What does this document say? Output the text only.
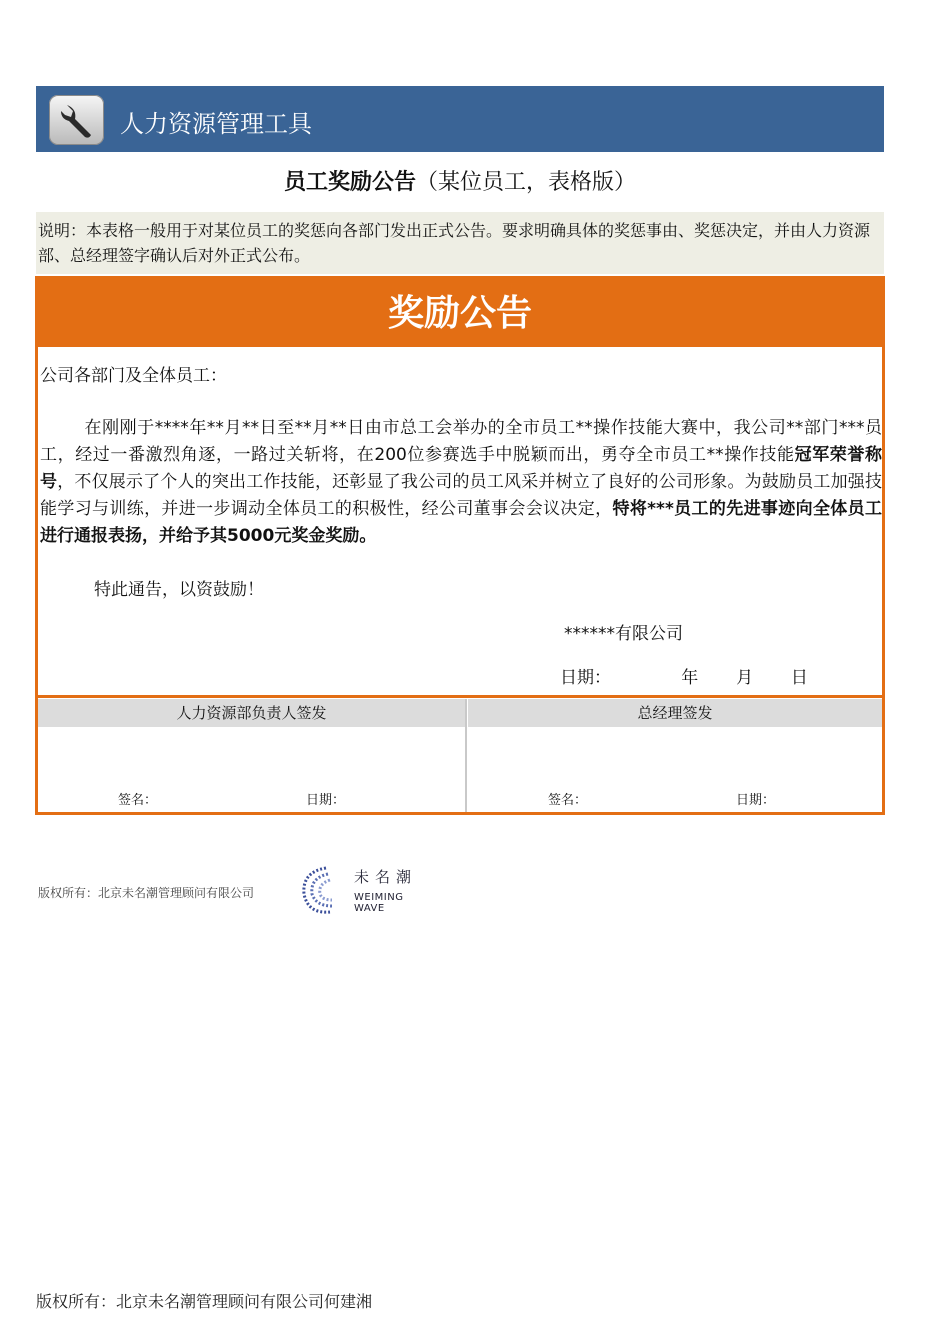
人力资源管理工具
员工奖励公告（某位员工，表格版）
说明：本表格一般用于对某位员工的奖惩向各部门发出正式公告。要求明确具体的奖惩事由、奖惩决定，并由人力资源部、总经理签字确认后对外正式公布。
奖励公告
公司各部门及全体员工：
在刚刚于****年**月**日至**月**日由市总工会举办的全市员工**操作技能大赛中，我公司**部门***员工，经过一番激烈角逐，一路过关斩将，在200位参赛选手中脱颖而出，勇夺全市员工**操作技能冠军荣誉称号，不仅展示了个人的突出工作技能，还彰显了我公司的员工风采并树立了良好的公司形象。为鼓励员工加强技能学习与训练，并进一步调动全体员工的积极性，经公司董事会会议决定，特将***员工的先进事迹向全体员工进行通报表扬，并给予其5000元奖金奖励。
特此通告，以资鼓励！
******有限公司
日期：             年       月       日
人力资源部负责人签发	总经理签发
签名：	日期：	签名：	日期：
版权所有：北京未名潮管理顾问有限公司
未名潮
WEIMING WAVE
版权所有：北京未名潮管理顾问有限公司何建湘
